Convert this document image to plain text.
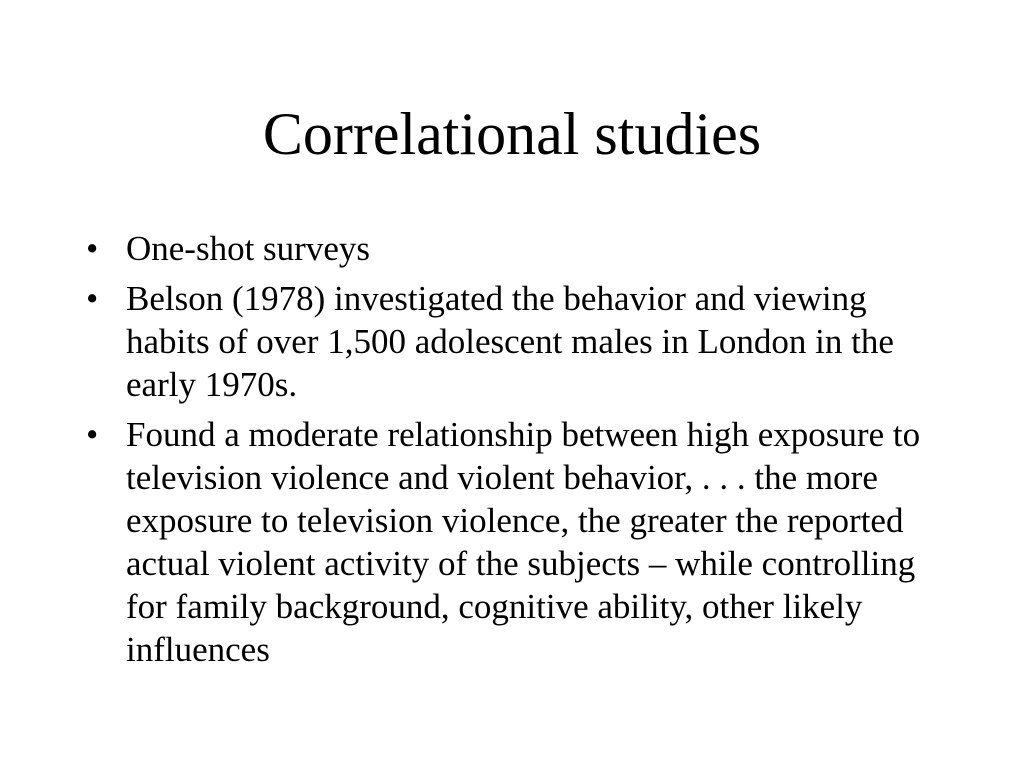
Correlational studies
• One-shot surveys
• Belson (1978) investigated the behavior and viewing habits of over 1,500 adolescent males in London in the early 1970s.
• Found a moderate relationship between high exposure to television violence and violent behavior, . . . the more exposure to television violence, the greater the reported actual violent activity of the subjects – while controlling for family background, cognitive ability, other likely influences
